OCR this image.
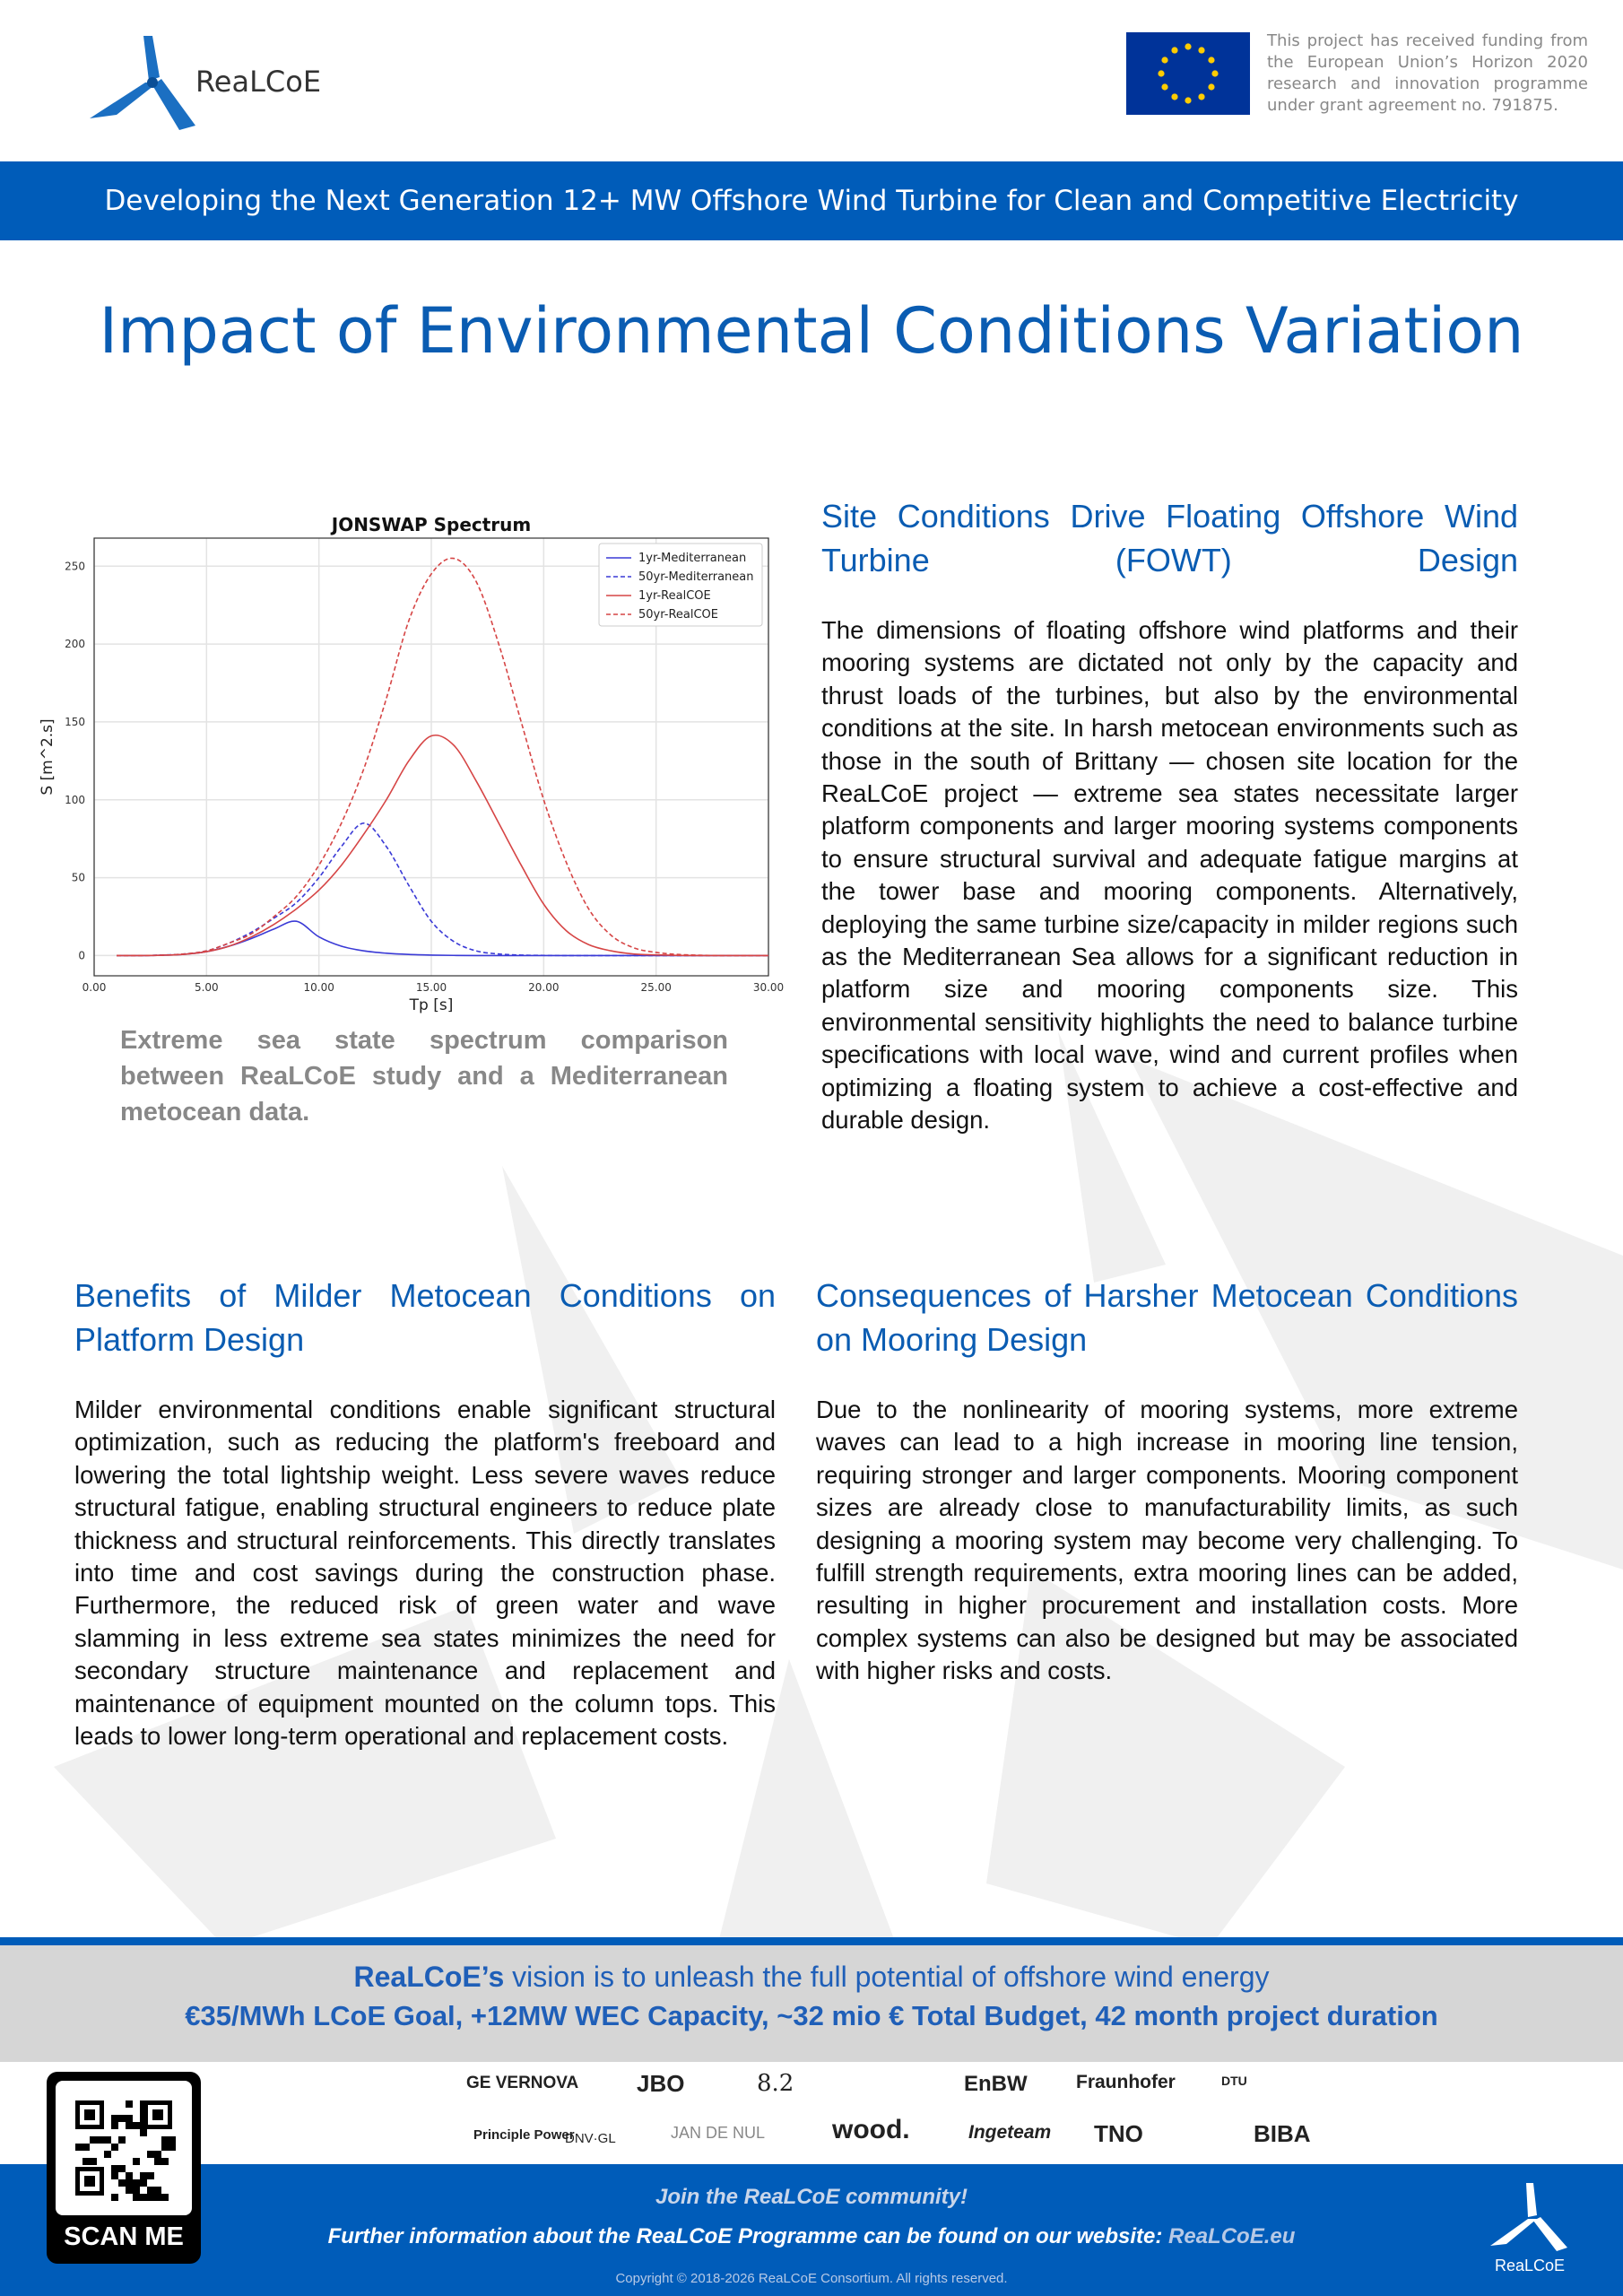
ReaLCoE
This project has received funding from the European Union’s Horizon 2020 research and innovation programme under grant agreement no. 791875.
Developing the Next Generation 12+ MW Offshore Wind Turbine for Clean and Competitive Electricity
Impact of Environmental Conditions Variation
0.00	5.00	10.00	15.00	20.00	25.00	30.00
0
50
100
150
200
250
JONSWAP Spectrum
Tp [s]
S [m^2.s]
1yr-Mediterranean
50yr-Mediterranean
1yr-RealCOE
50yr-RealCOE
Extreme sea state spectrum comparison between ReaLCoE study and a Mediterranean metocean data.
Site Conditions Drive Floating Offshore Wind Turbine (FOWT) Design
The dimensions of floating offshore wind platforms and their mooring systems are dictated not only by the capacity and thrust loads of the turbines, but also by the environmental conditions at the site. In harsh metocean environments such as those in the south of Brittany — chosen site location for the ReaLCoE project — extreme sea states necessitate larger platform components and larger mooring systems components to ensure structural survival and adequate fatigue margins at the tower base and mooring components. Alternatively, deploying the same turbine size/capacity in milder regions such as the Mediterranean Sea allows for a significant reduction in platform size and mooring components size. This environmental sensitivity highlights the need to balance turbine specifications with local wave, wind and current profiles when optimizing a floating system to achieve a cost-effective and durable design.
Benefits of Milder Metocean Conditions on Platform Design
Milder environmental conditions enable significant structural optimization, such as reducing the platform's freeboard and lowering the total lightship weight. Less severe waves reduce structural fatigue, enabling structural engineers to reduce plate thickness and structural reinforcements. This directly translates into time and cost savings during the construction phase. Furthermore, the reduced risk of green water and wave slamming in less extreme sea states minimizes the need for secondary structure maintenance and replacement and maintenance of equipment mounted on the column tops. This leads to lower long-term operational and replacement costs.
Consequences of Harsher Metocean Conditions on Mooring Design
Due to the nonlinearity of mooring systems, more extreme waves can lead to a high increase in mooring line tension, requiring stronger and larger components. Mooring component sizes are already close to manufacturability limits, as such designing a mooring system may become very challenging. To fulfill strength requirements, extra mooring lines can be added, resulting in higher procurement and installation costs. More complex systems can also be designed but may be associated with higher risks and costs.
ReaLCoE’s vision is to unleash the full potential of offshore wind energy
€35/MWh LCoE Goal, +12MW WEC Capacity, ~32 mio € Total Budget, 42 month project duration
GE VERNOVA JBO	8.2	EnBW	Fraunhofer	DTU
Principle Power
DNV·GL	JAN DE NUL wood.	Ingeteam TNO	BIBA
Join the ReaLCoE community!
Further information about the ReaLCoE Programme can be found on our website: ReaLCoE.eu
Copyright © 2018-2026 ReaLCoE Consortium. All rights reserved.
SCAN ME
ReaLCoE
